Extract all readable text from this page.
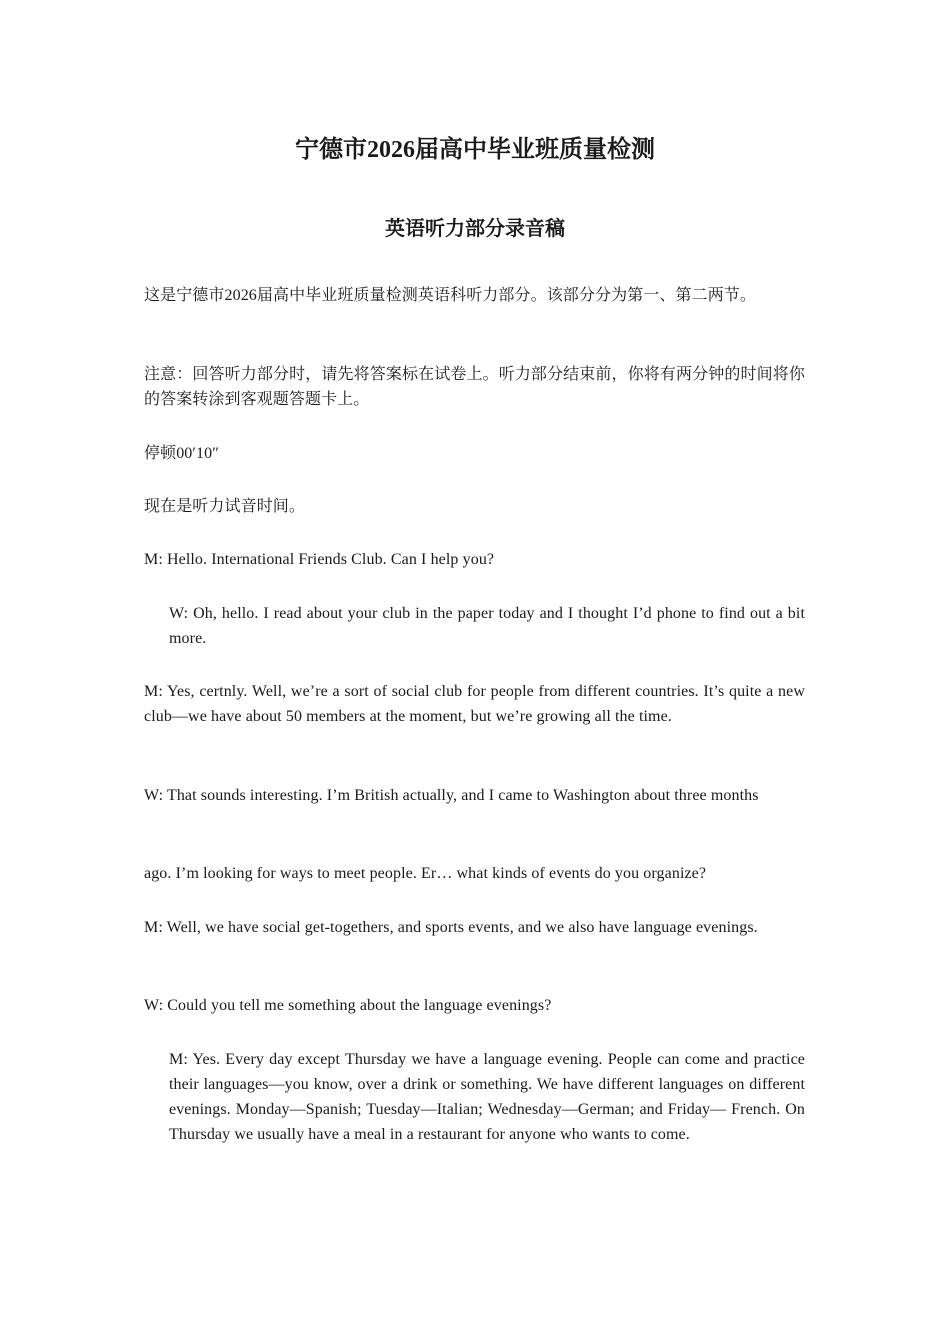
宁德市2026届高中毕业班质量检测
英语听力部分录音稿

这是宁德市2026届高中毕业班质量检测英语科听力部分。该部分分为第一、第二两节。

注意：回答听力部分时，请先将答案标在试卷上。听力部分结束前，你将有两分钟的时间将你的答案转涂到客观题答题卡上。

停顿00′10″

现在是听力试音时间。

M: Hello. International Friends Club. Can I help you?

W: Oh, hello. I read about your club in the paper today and I thought I’d phone to find out a bit more.

M: Yes, certnly. Well, we’re a sort of social club for people from different countries. It’s quite a new club—we have about 50 members at the moment, but we’re growing all the time.

W: That sounds interesting. I’m British actually, and I came to Washington about three months

ago. I’m looking for ways to meet people. Er… what kinds of events do you organize?

M: Well, we have social get-togethers, and sports events, and we also have language evenings.

W: Could you tell me something about the language evenings?

M: Yes. Every day except Thursday we have a language evening. People can come and practice their languages—you know, over a drink or something. We have different languages on different evenings. Monday—Spanish; Tuesday—Italian; Wednesday—German; and Friday— French. On Thursday we usually have a meal in a restaurant for anyone who wants to come.
